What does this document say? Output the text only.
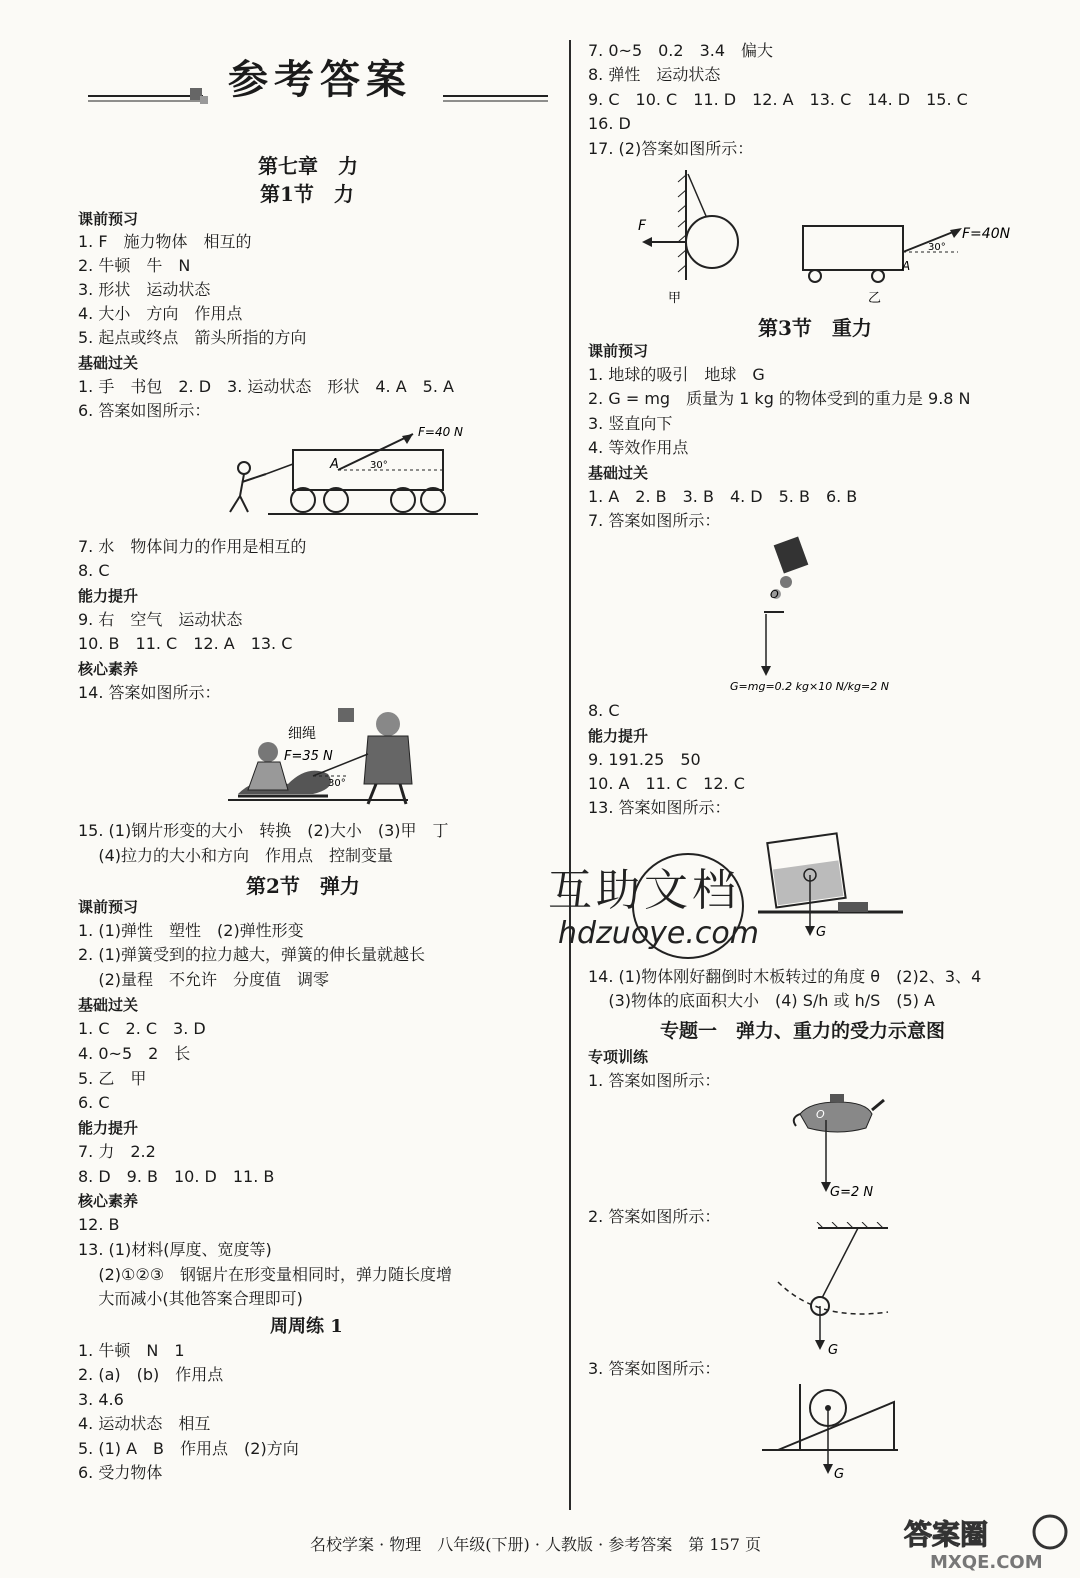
参考答案
第七章　力
第1节　力
课前预习
1. F　施力物体　相互的
2. 牛顿　牛　N
3. 形状　运动状态
4. 大小　方向　作用点
5. 起点或终点　箭头所指的方向
基础过关
1. 手　书包　2. D　3. 运动状态　形状　4. A　5. A
6. 答案如图所示：
F=40 N
A	30°
7. 水　物体间力的作用是相互的
8. C
能力提升
9. 右　空气　运动状态
10. B　11. C　12. A　13. C
核心素养
14. 答案如图所示：
细绳
F=35 N
30°
15. (1)钢片形变的大小　转换　(2)大小　(3)甲　丁
(4)拉力的大小和方向　作用点　控制变量
第2节　弹力
课前预习
1. (1)弹性　塑性　(2)弹性形变
2. (1)弹簧受到的拉力越大，弹簧的伸长量就越长
(2)量程　不允许　分度值　调零
基础过关
1. C　2. C　3. D
4. 0~5　2　长
5. 乙　甲
6. C
能力提升
7. 力　2.2
8. D　9. B　10. D　11. B
核心素养
12. B
13. (1)材料(厚度、宽度等)
(2)①②③　钢锯片在形变量相同时，弹力随长度增
大而减小(其他答案合理即可)
周周练 1
1. 牛顿　N　1
2. (a)　(b)　作用点
3. 4.6
4. 运动状态　相互
5. (1) A　B　作用点　(2)方向
6. 受力物体
7. 0~5　0.2　3.4　偏大
8. 弹性　运动状态
9. C　10. C　11. D　12. A　13. C　14. D　15. C
16. D
17. (2)答案如图所示：
F
甲
F=40N
30°
A
乙
第3节　重力
课前预习
1. 地球的吸引　地球　G
2. G = mg　质量为 1 kg 的物体受到的重力是 9.8 N
3. 竖直向下
4. 等效作用点
基础过关
1. A　2. B　3. B　4. D　5. B　6. B
7. 答案如图所示：
O
G=mg=0.2 kg×10 N/kg=2 N
8. C
能力提升
9. 191.25　50
10. A　11. C　12. C
13. 答案如图所示：
G
14. (1)物体刚好翻倒时木板转过的角度 θ　(2)2、3、4
(3)物体的底面积大小　(4) S/h 或 h/S　(5) A
专题一　弹力、重力的受力示意图
专项训练
1. 答案如图所示：
O
G=2 N
2. 答案如图所示：
G
3. 答案如图所示：
G
互助文档
hdzuoye.com
名校学案 · 物理　八年级(下册) · 人教版 · 参考答案　第 157 页	答案圈
MXQE.COM
